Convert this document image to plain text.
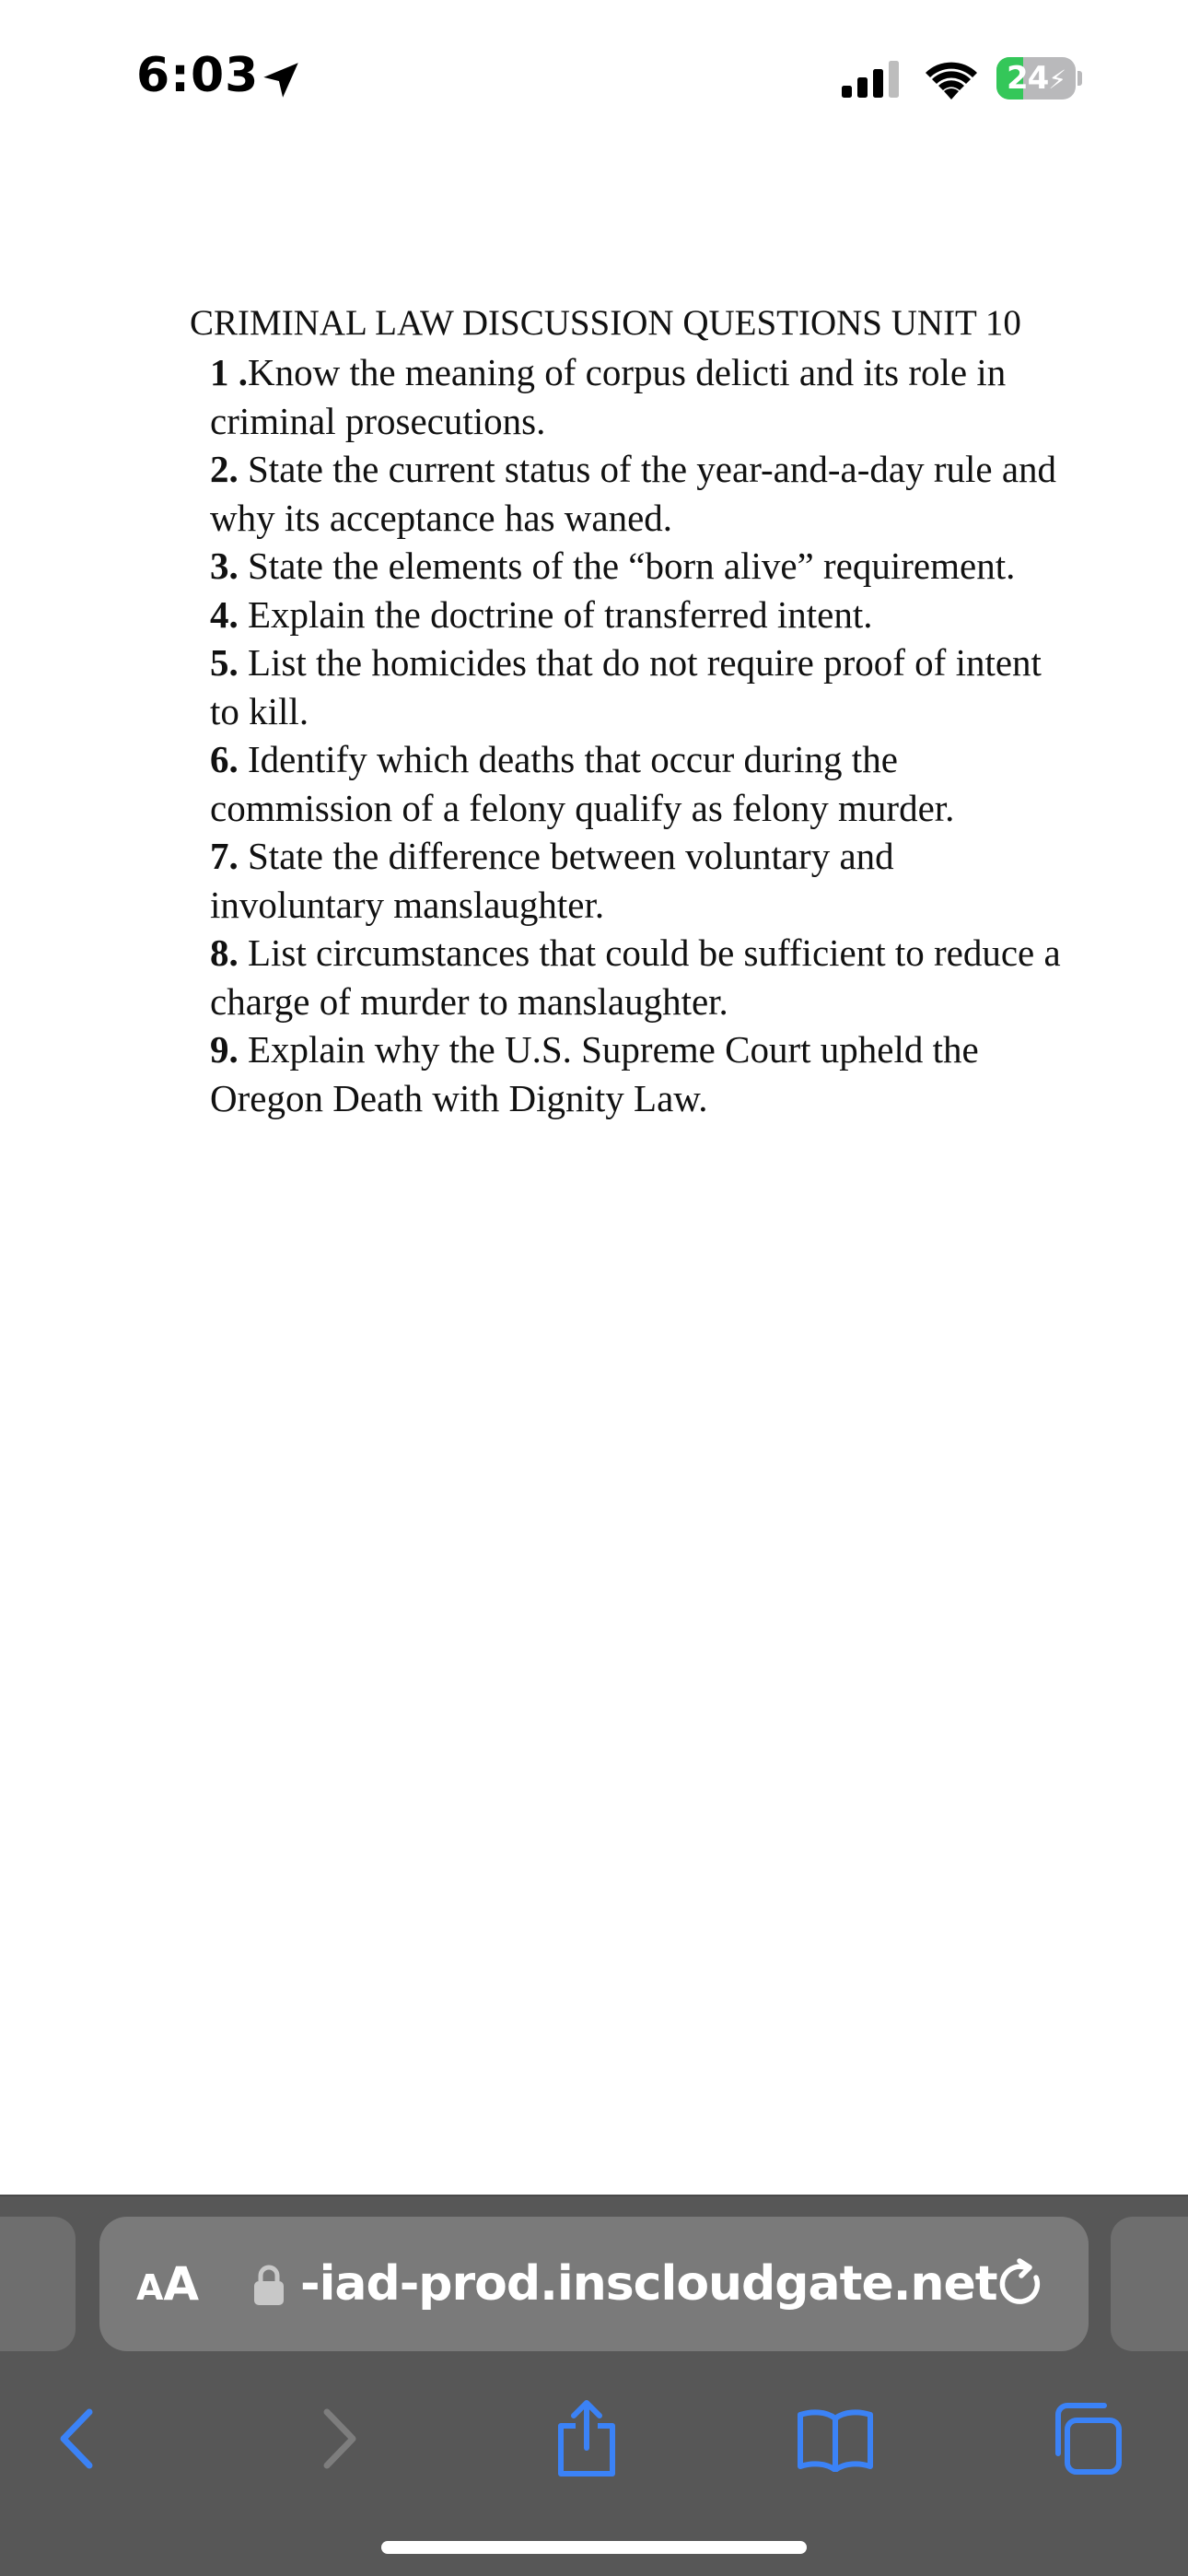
6:03	24⚡
CRIMINAL LAW DISCUSSION QUESTIONS UNIT 10
1 .Know the meaning of corpus delicti and its role in criminal prosecutions.
2. State the current status of the year-and-a-day rule and why its acceptance has waned.
3. State the elements of the “born alive” requirement.
4. Explain the doctrine of transferred intent.
5. List the homicides that do not require proof of intent to kill.
6. Identify which deaths that occur during the commission of a felony qualify as felony murder.
7. State the difference between voluntary and involuntary manslaughter.
8. List circumstances that could be sufficient to reduce a charge of murder to manslaughter.
9. Explain why the U.S. Supreme Court upheld the Oregon Death with Dignity Law.
AA -iad-prod.inscloudgate.net
